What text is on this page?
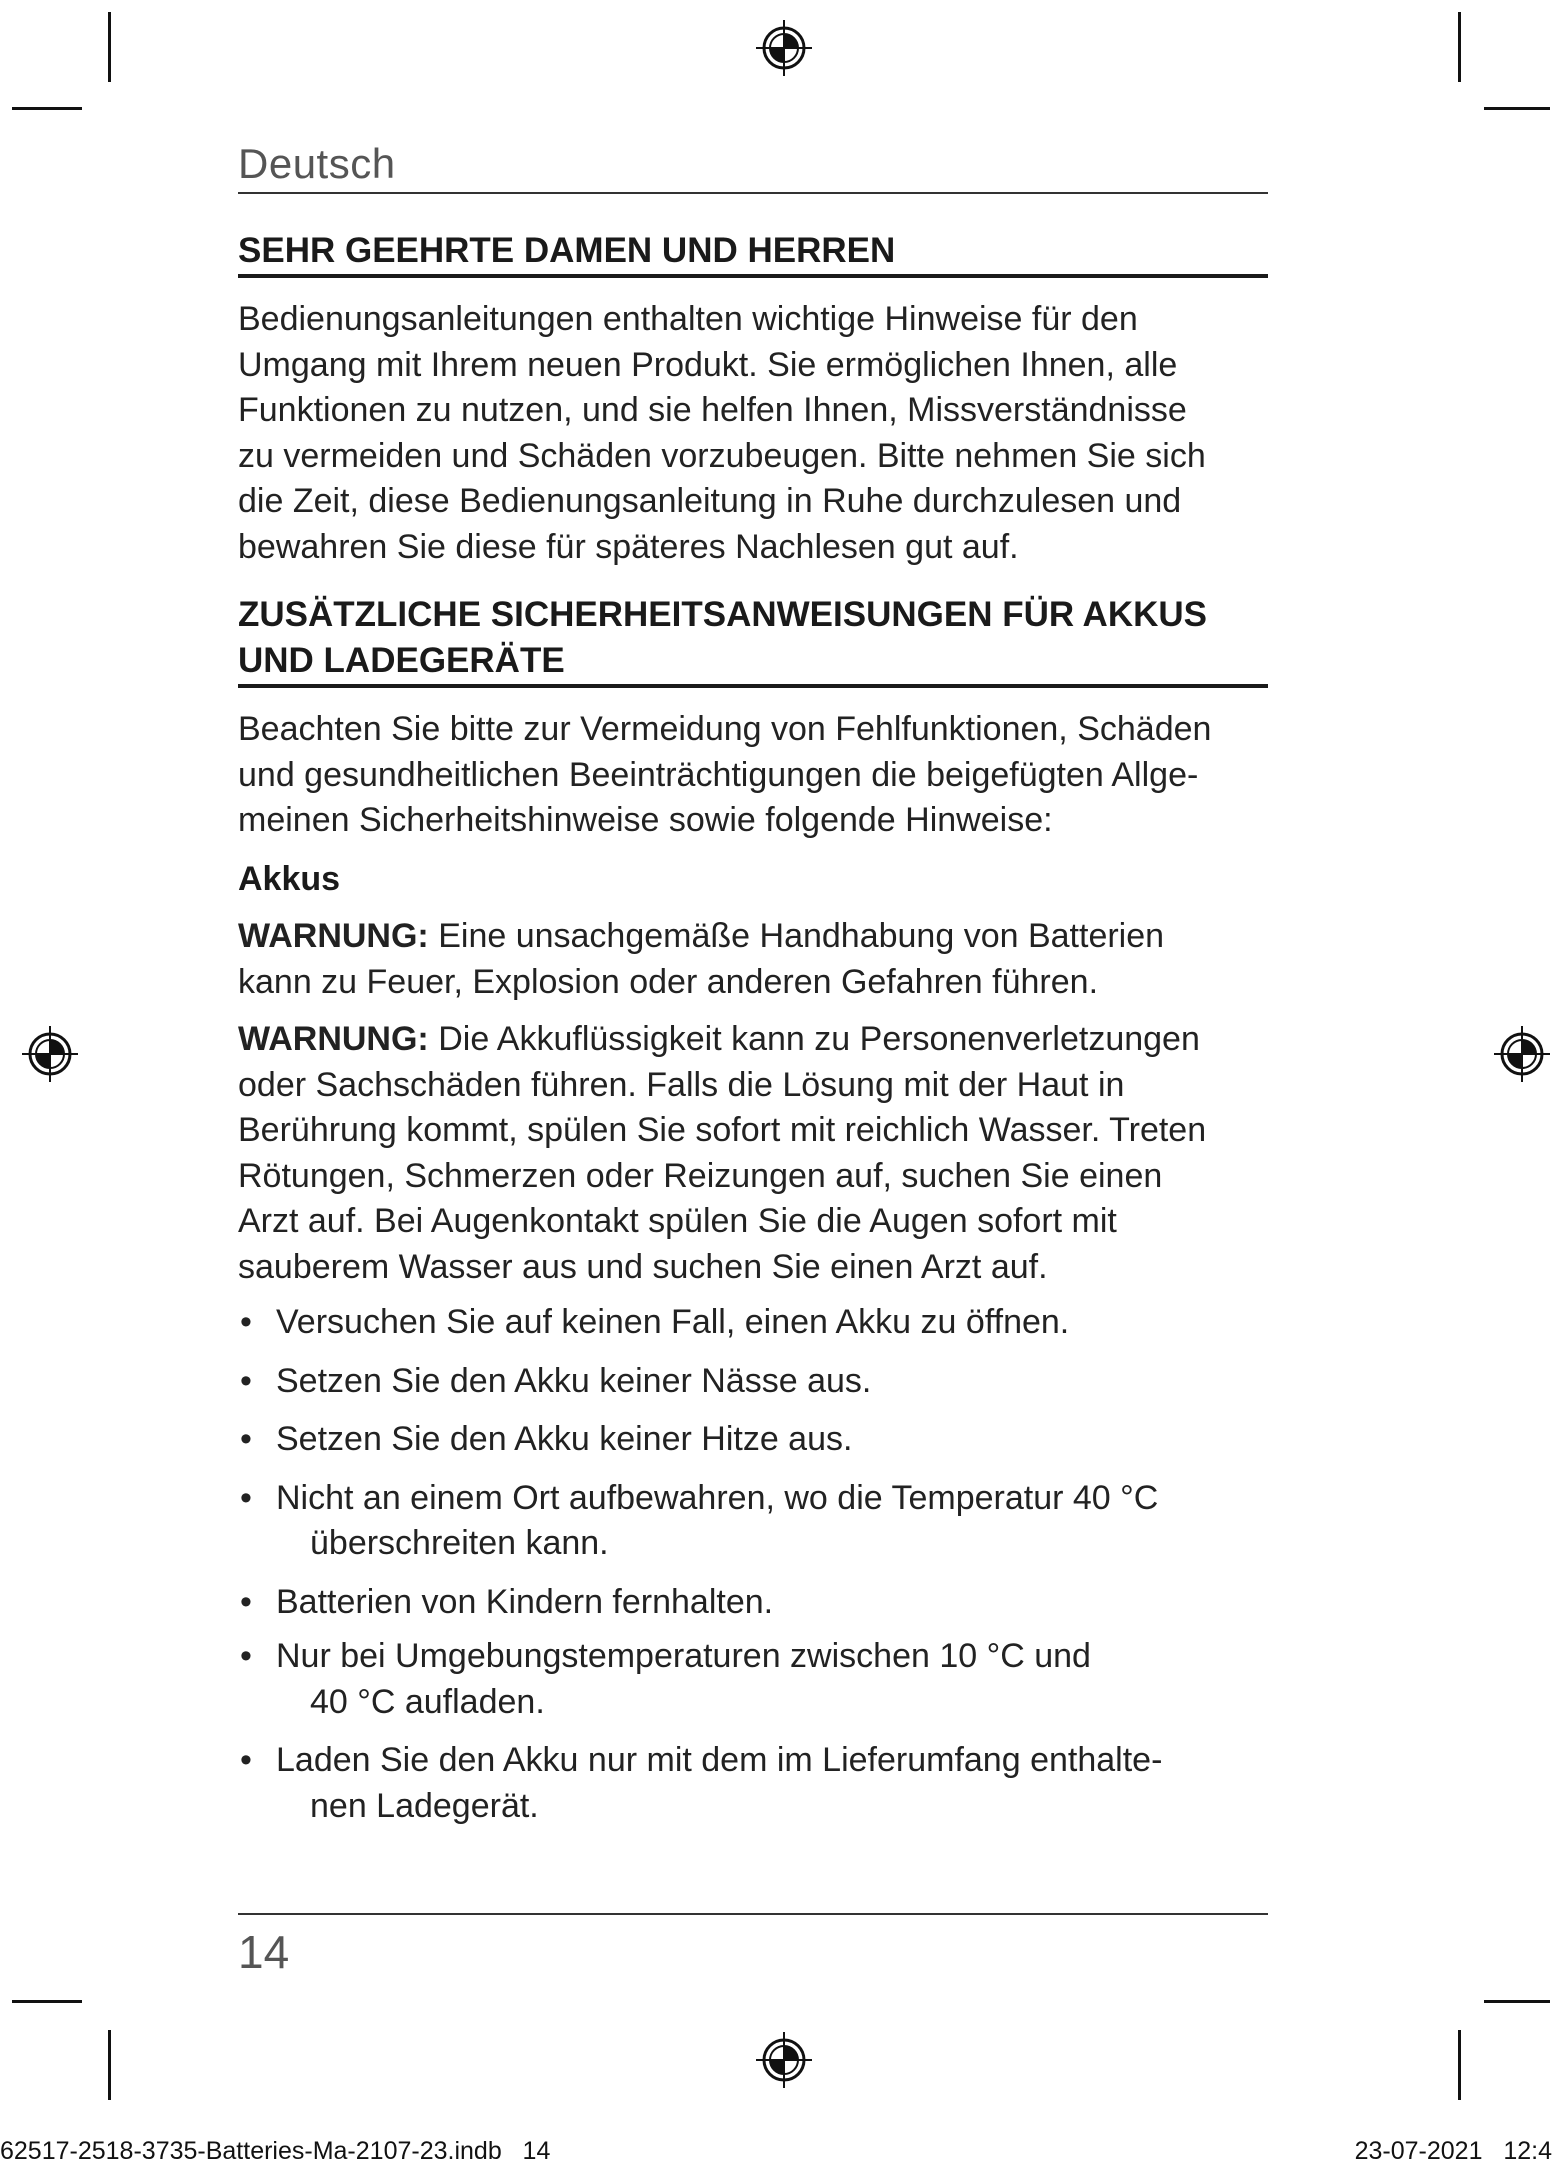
Deutsch
SEHR GEEHRTE DAMEN UND HERREN
Bedienungsanleitungen enthalten wichtige Hinweise für den
Umgang mit Ihrem neuen Produkt. Sie ermöglichen Ihnen, alle
Funktionen zu nutzen, und sie helfen Ihnen, Missverständnisse
zu vermeiden und Schäden vorzubeugen. Bitte nehmen Sie sich
die Zeit, diese Bedienungsanleitung in Ruhe durchzulesen und
bewahren Sie diese für späteres Nachlesen gut auf.
ZUSÄTZLICHE SICHERHEITSANWEISUNGEN FÜR AKKUS
UND LADEGERÄTE
Beachten Sie bitte zur Vermeidung von Fehlfunktionen, Schäden
und gesundheitlichen Beeinträchtigungen die beigefügten Allge-
meinen Sicherheitshinweise sowie folgende Hinweise:
Akkus
WARNUNG: Eine unsachgemäße Handhabung von Batterien
kann zu Feuer, Explosion oder anderen Gefahren führen.
WARNUNG: Die Akkuflüssigkeit kann zu Personenverletzungen
oder Sachschäden führen. Falls die Lösung mit der Haut in
Berührung kommt, spülen Sie sofort mit reichlich Wasser. Treten
Rötungen, Schmerzen oder Reizungen auf, suchen Sie einen
Arzt auf. Bei Augenkontakt spülen Sie die Augen sofort mit
sauberem Wasser aus und suchen Sie einen Arzt auf.
• Versuchen Sie auf keinen Fall, einen Akku zu öffnen.
• Setzen Sie den Akku keiner Nässe aus.
• Setzen Sie den Akku keiner Hitze aus.
• Nicht an einem Ort aufbewahren, wo die Temperatur 40 °C
überschreiten kann.
• Batterien von Kindern fernhalten.
• Nur bei Umgebungstemperaturen zwischen 10 °C und
40 °C aufladen.
• Laden Sie den Akku nur mit dem im Lieferumfang enthalte-
nen Ladegerät.
14
62517-2518-3735-Batteries-Ma-2107-23.indb   14	23-07-2021   12:4
